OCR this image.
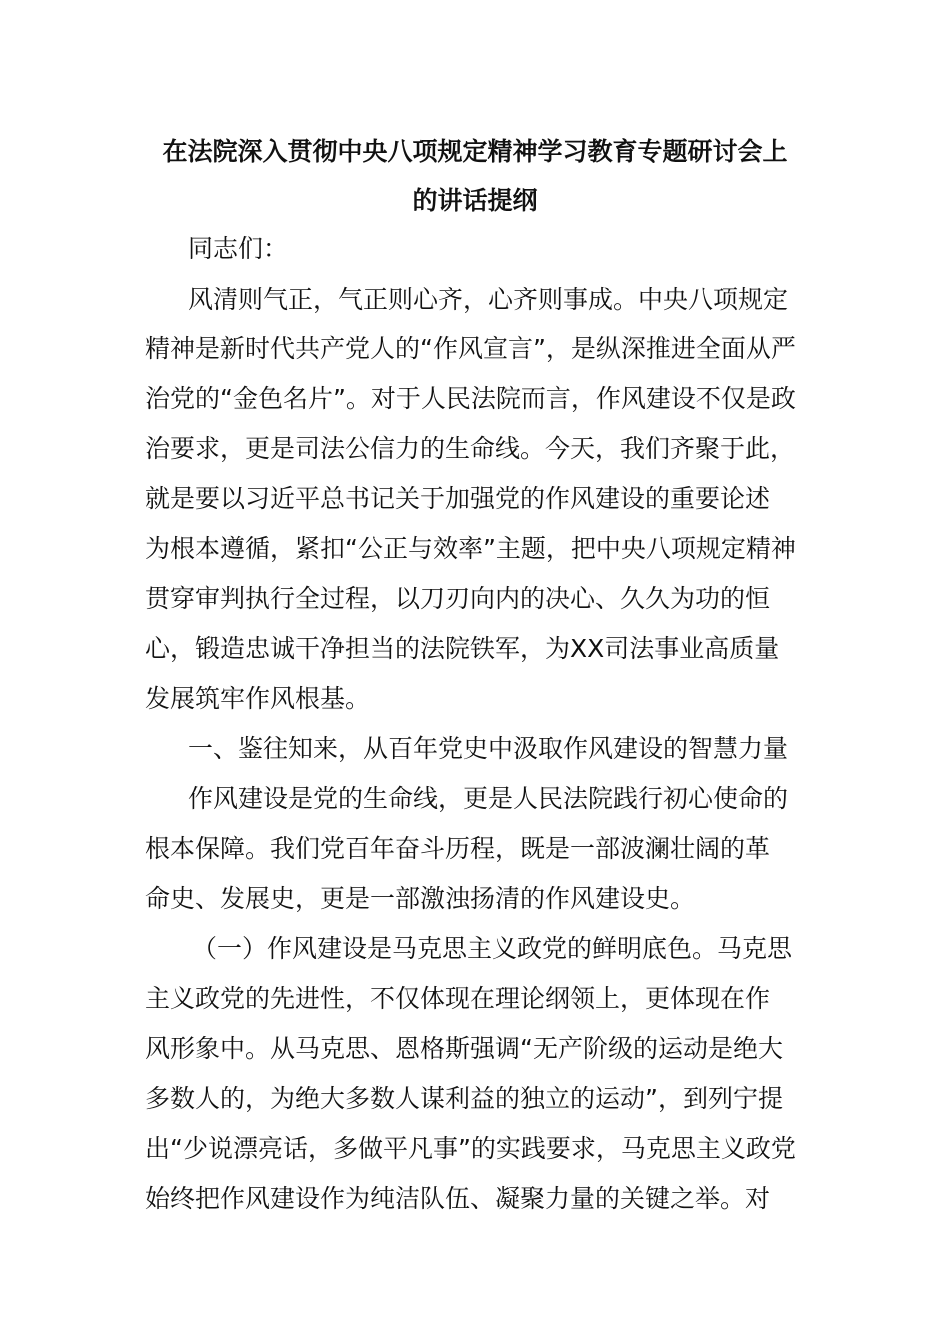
在法院深入贯彻中央八项规定精神学习教育专题研讨会上
的讲话提纲
同志们：
风清则气正，气正则心齐，心齐则事成。中央八项规定
精神是新时代共产党人的“作风宣言”，是纵深推进全面从严
治党的“金色名片”。对于人民法院而言，作风建设不仅是政
治要求，更是司法公信力的生命线。今天，我们齐聚于此，
就是要以习近平总书记关于加强党的作风建设的重要论述
为根本遵循，紧扣“公正与效率”主题，把中央八项规定精神
贯穿审判执行全过程，以刀刃向内的决心、久久为功的恒
心，锻造忠诚干净担当的法院铁军，为XX司法事业高质量
发展筑牢作风根基。
一、鉴往知来，从百年党史中汲取作风建设的智慧力量
作风建设是党的生命线，更是人民法院践行初心使命的
根本保障。我们党百年奋斗历程，既是一部波澜壮阔的革
命史、发展史，更是一部激浊扬清的作风建设史。
（一）作风建设是马克思主义政党的鲜明底色。马克思
主义政党的先进性，不仅体现在理论纲领上，更体现在作
风形象中。从马克思、恩格斯强调“无产阶级的运动是绝大
多数人的，为绝大多数人谋利益的独立的运动”，到列宁提
出“少说漂亮话，多做平凡事”的实践要求，马克思主义政党
始终把作风建设作为纯洁队伍、凝聚力量的关键之举。对
